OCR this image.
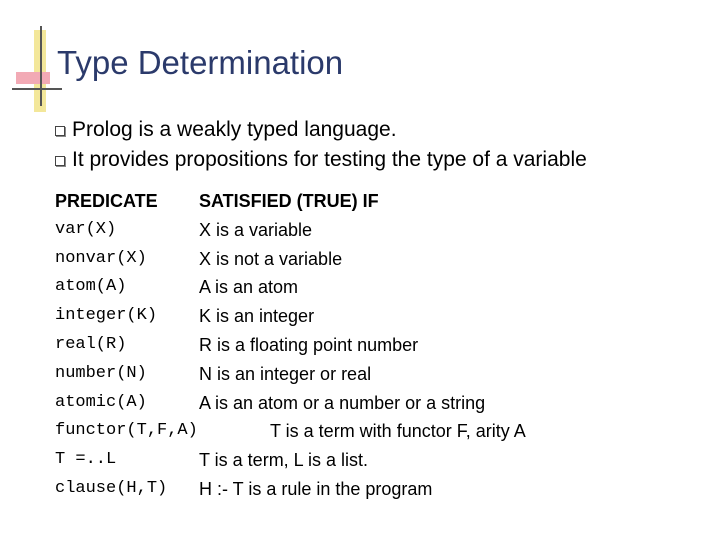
Type Determination
Prolog is a weakly typed language.
It provides propositions for testing the type of a variable
PREDICATE SATISFIED (TRUE) IF
var(X)	X is a variable
nonvar(X)	X is not a variable
atom(A)	A is an atom
integer(K) K is an integer
real(R)	R is a floating point number
number(N)	N is an integer or real
atomic(A)	A is an atom or a number or a string
functor(T,F,A)	T is a term with functor F, arity A
T =..L	T is a term, L is a list.
clause(H,T) H :- T is a rule in the program
